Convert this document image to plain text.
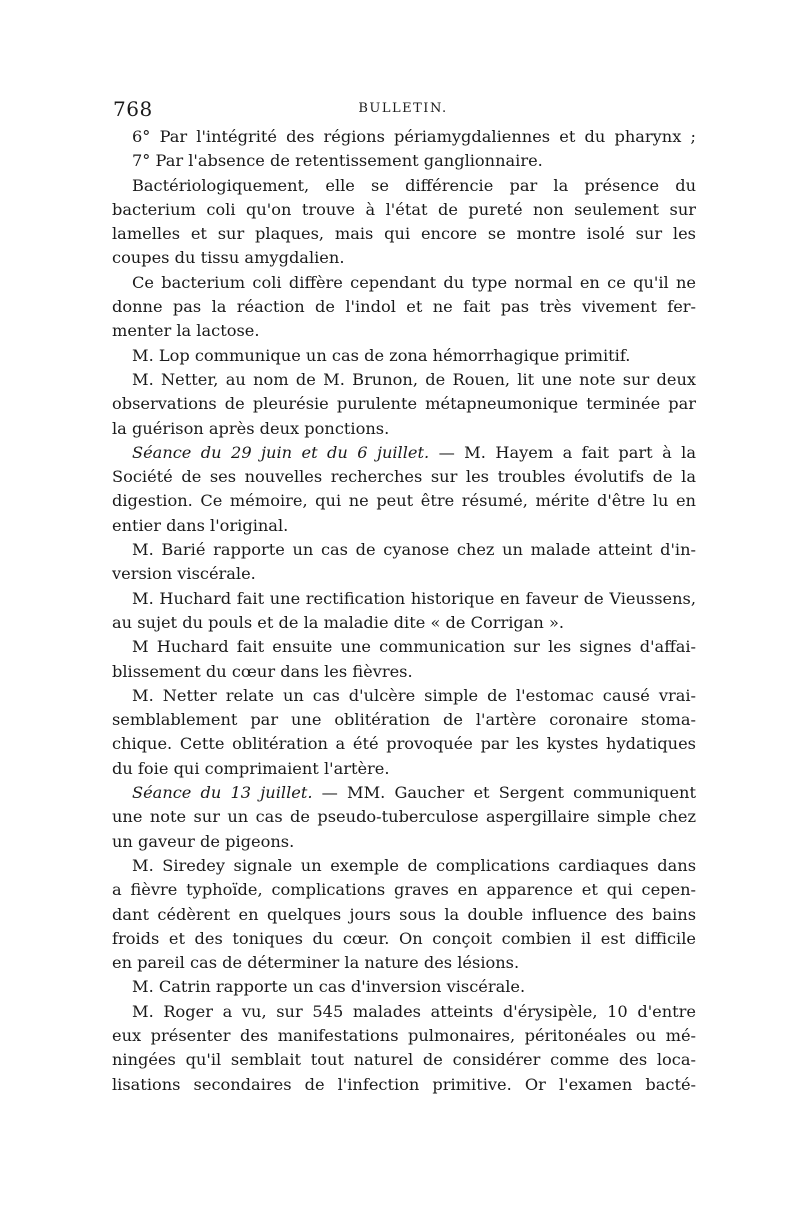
768	BULLETIN.
6° Par l'intégrité des régions périamygdaliennes et du pharynx ;
7° Par l'absence de retentissement ganglionnaire.
Bactériologiquement, elle se différencie par la présence du
bacterium coli qu'on trouve à l'état de pureté non seulement sur
lamelles et sur plaques, mais qui encore se montre isolé sur les
coupes du tissu amygdalien.
Ce bacterium coli diffère cependant du type normal en ce qu'il ne
donne pas la réaction de l'indol et ne fait pas très vivement fer-
menter la lactose.
M. Lop communique un cas de zona hémorrhagique primitif.
M. Netter, au nom de M. Brunon, de Rouen, lit une note sur deux
observations de pleurésie purulente métapneumonique terminée par
la guérison après deux ponctions.
Séance du 29 juin et du 6 juillet. — M. Hayem a fait part à la
Société de ses nouvelles recherches sur les troubles évolutifs de la
digestion. Ce mémoire, qui ne peut être résumé, mérite d'être lu en
entier dans l'original.
M. Barié rapporte un cas de cyanose chez un malade atteint d'in-
version viscérale.
M. Huchard fait une rectification historique en faveur de Vieussens,
au sujet du pouls et de la maladie dite « de Corrigan ».
M Huchard fait ensuite une communication sur les signes d'affai-
blissement du cœur dans les fièvres.
M. Netter relate un cas d'ulcère simple de l'estomac causé vrai-
semblablement par une oblitération de l'artère coronaire stoma-
chique. Cette oblitération a été provoquée par les kystes hydatiques
du foie qui comprimaient l'artère.
Séance du 13 juillet. — MM. Gaucher et Sergent communiquent
une note sur un cas de pseudo-tuberculose aspergillaire simple chez
un gaveur de pigeons.
M. Siredey signale un exemple de complications cardiaques dans
a fièvre typhoïde, complications graves en apparence et qui cepen-
dant cédèrent en quelques jours sous la double influence des bains
froids et des toniques du cœur. On conçoit combien il est difficile
en pareil cas de déterminer la nature des lésions.
M. Catrin rapporte un cas d'inversion viscérale.
M. Roger a vu, sur 545 malades atteints d'érysipèle, 10 d'entre
eux présenter des manifestations pulmonaires, péritonéales ou mé-
ningées qu'il semblait tout naturel de considérer comme des loca-
lisations secondaires de l'infection primitive. Or l'examen bacté-
